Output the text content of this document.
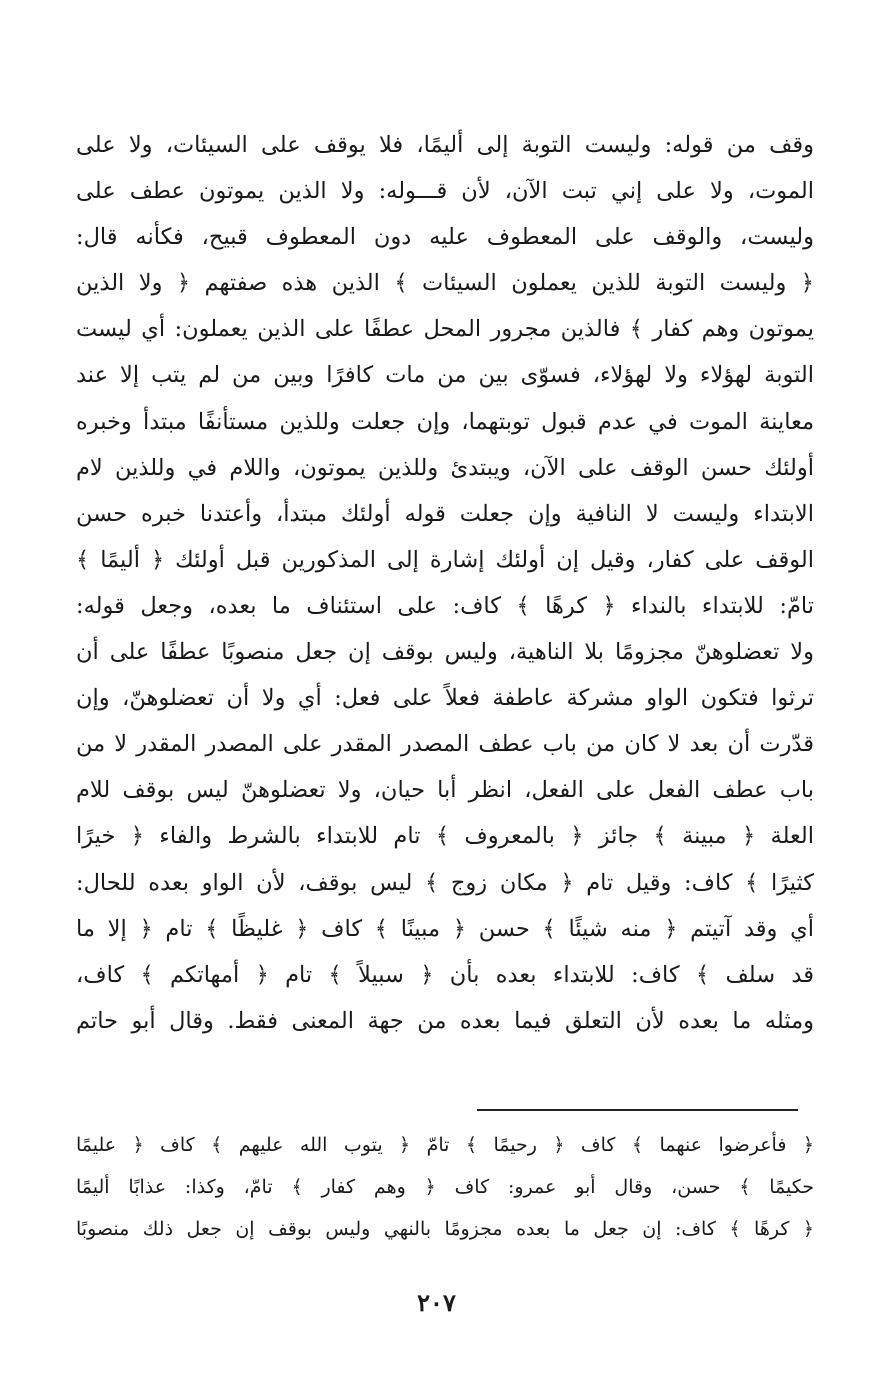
وقف من قوله: وليست التوبة إلى أليمًا، فلا يوقف على السيئات، ولا على
الموت، ولا على إني تبت الآن، لأن قـــوله: ولا الذين يموتون عطف على
وليست، والوقف على المعطوف عليه دون المعطوف قبيح، فكأنه قال:
﴿ وليست التوبة للذين يعملون السيئات ﴾ الذين هذه صفتهم ﴿ ولا الذين
يموتون وهم كفار ﴾ فالذين مجرور المحل عطفًا على الذين يعملون: أي ليست
التوبة لهؤلاء ولا لهؤلاء، فسوّى بين من مات كافرًا وبين من لم يتب إلا عند
معاينة الموت في عدم قبول توبتهما، وإن جعلت وللذين مستأنفًا مبتدأ وخبره
أولئك حسن الوقف على الآن، ويبتدئ وللذين يموتون، واللام في وللذين لام
الابتداء وليست لا النافية وإن جعلت قوله أولئك مبتدأ، وأعتدنا خبره حسن
الوقف على كفار، وقيل إن أولئك إشارة إلى المذكورين قبل أولئك ﴿ أليمًا ﴾
تامّ: للابتداء بالنداء ﴿ كرهًا ﴾ كاف: على استئناف ما بعده، وجعل قوله:
ولا تعضلوهنّ مجزومًا بلا الناهية، وليس بوقف إن جعل منصوبًا عطفًا على أن
ترثوا فتكون الواو مشركة عاطفة فعلاً على فعل: أي ولا أن تعضلوهنّ، وإن
قدّرت أن بعد لا كان من باب عطف المصدر المقدر على المصدر المقدر لا من
باب عطف الفعل على الفعل، انظر أبا حيان، ولا تعضلوهنّ ليس بوقف للام
العلة ﴿ مبينة ﴾ جائز ﴿ بالمعروف ﴾ تام للابتداء بالشرط والفاء ﴿ خيرًا
كثيرًا ﴾ كاف: وقيل تام ﴿ مكان زوج ﴾ ليس بوقف، لأن الواو بعده للحال:
أي وقد آتيتم ﴿ منه شيئًا ﴾ حسن ﴿ مبينًا ﴾ كاف ﴿ غليظًا ﴾ تام ﴿ إلا ما
قد سلف ﴾ كاف: للابتداء بعده بأن ﴿ سبيلاً ﴾ تام ﴿ أمهاتكم ﴾ كاف،
ومثله ما بعده لأن التعلق فيما بعده من جهة المعنى فقط. وقال أبو حاتم
﴿ فأعرضوا عنهما ﴾ كاف ﴿ رحيمًا ﴾ تامّ ﴿ يتوب الله عليهم ﴾ كاف ﴿ عليمًا
حكيمًا ﴾ حسن، وقال أبو عمرو: كاف ﴿ وهم كفار ﴾ تامّ، وكذا: عذابًا أليمًا
﴿ كرهًا ﴾ كاف: إن جعل ما بعده مجزومًا بالنهي وليس بوقف إن جعل ذلك منصوبًا
٢٠٧
